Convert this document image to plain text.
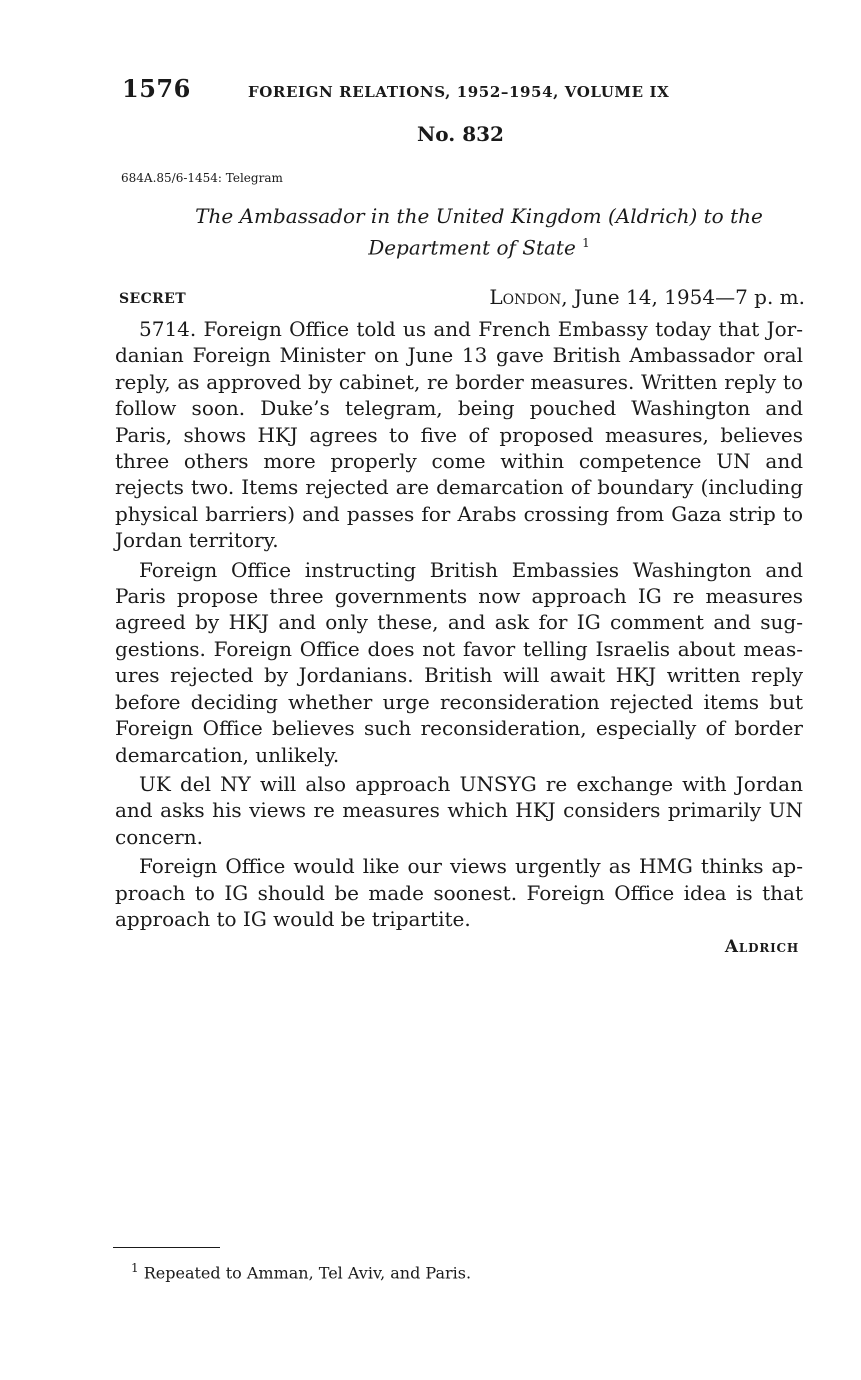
1576	FOREIGN RELATIONS, 1952–1954, VOLUME IX
No. 832
684A.85/6-1454: Telegram
The Ambassador in the United Kingdom (Aldrich) to the
Department of State $^1$
SECRET	London, June 14, 1954—7 p. m.

5714. Foreign Office told us and French Embassy today that Jordanian Foreign Minister on June 13 gave British Ambassador oral reply, as approved by cabinet, re border measures. Written reply to follow soon. Duke’s telegram, being pouched Washington and Paris, shows HKJ agrees to five of proposed measures, believes three others more properly come within competence UN and rejects two. Items rejected are demarcation of boundary (including physical barriers) and passes for Arabs crossing from Gaza strip to Jordan territory.

Foreign Office instructing British Embassies Washington and Paris propose three governments now approach IG re measures agreed by HKJ and only these, and ask for IG comment and suggestions. Foreign Office does not favor telling Israelis about measures rejected by Jordanians. British will await HKJ written reply before deciding whether urge reconsideration rejected items but Foreign Office believes such reconsideration, especially of border demarcation, unlikely.

UK del NY will also approach UNSYG re exchange with Jordan and asks his views re measures which HKJ considers primarily UN concern.

Foreign Office would like our views urgently as HMG thinks approach to IG should be made soonest. Foreign Office idea is that approach to IG would be tripartite.

Aldrich
$^1$ Repeated to Amman, Tel Aviv, and Paris.
